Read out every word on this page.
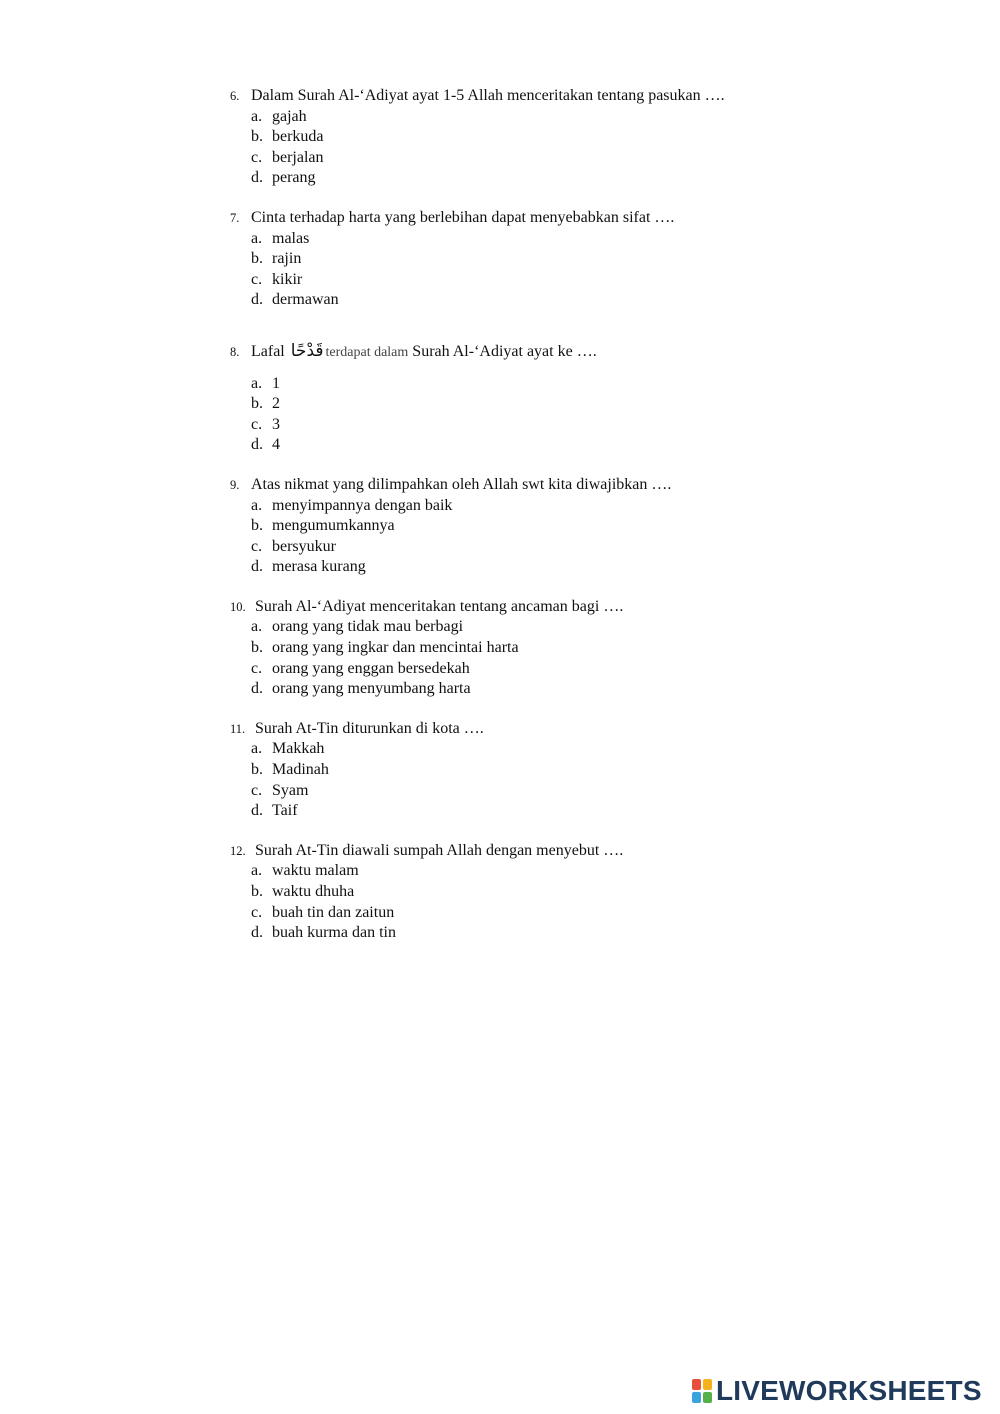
6. Dalam Surah Al-‘Adiyat ayat 1-5 Allah menceritakan tentang pasukan ….
a. gajah
b. berkuda
c. berjalan
d. perang
7. Cinta terhadap harta yang berlebihan dapat menyebabkan sifat ….
a. malas
b. rajin
c. kikir
d. dermawan
8. Lafal قَدْحًا terdapat dalam Surah Al-‘Adiyat ayat ke ….
a. 1
b. 2
c. 3
d. 4
9. Atas nikmat yang dilimpahkan oleh Allah swt kita diwajibkan ….
a. menyimpannya dengan baik
b. mengumumkannya
c. bersyukur
d. merasa kurang
10. Surah Al-‘Adiyat menceritakan tentang ancaman bagi ….
a. orang yang tidak mau berbagi
b. orang yang ingkar dan mencintai harta
c. orang yang enggan bersedekah
d. orang yang menyumbang harta
11. Surah At-Tin diturunkan di kota ….
a. Makkah
b. Madinah
c. Syam
d. Taif
12. Surah At-Tin diawali sumpah Allah dengan menyebut ….
a. waktu malam
b. waktu dhuha
c. buah tin dan zaitun
d. buah kurma dan tin
LIVEWORKSHEETS
